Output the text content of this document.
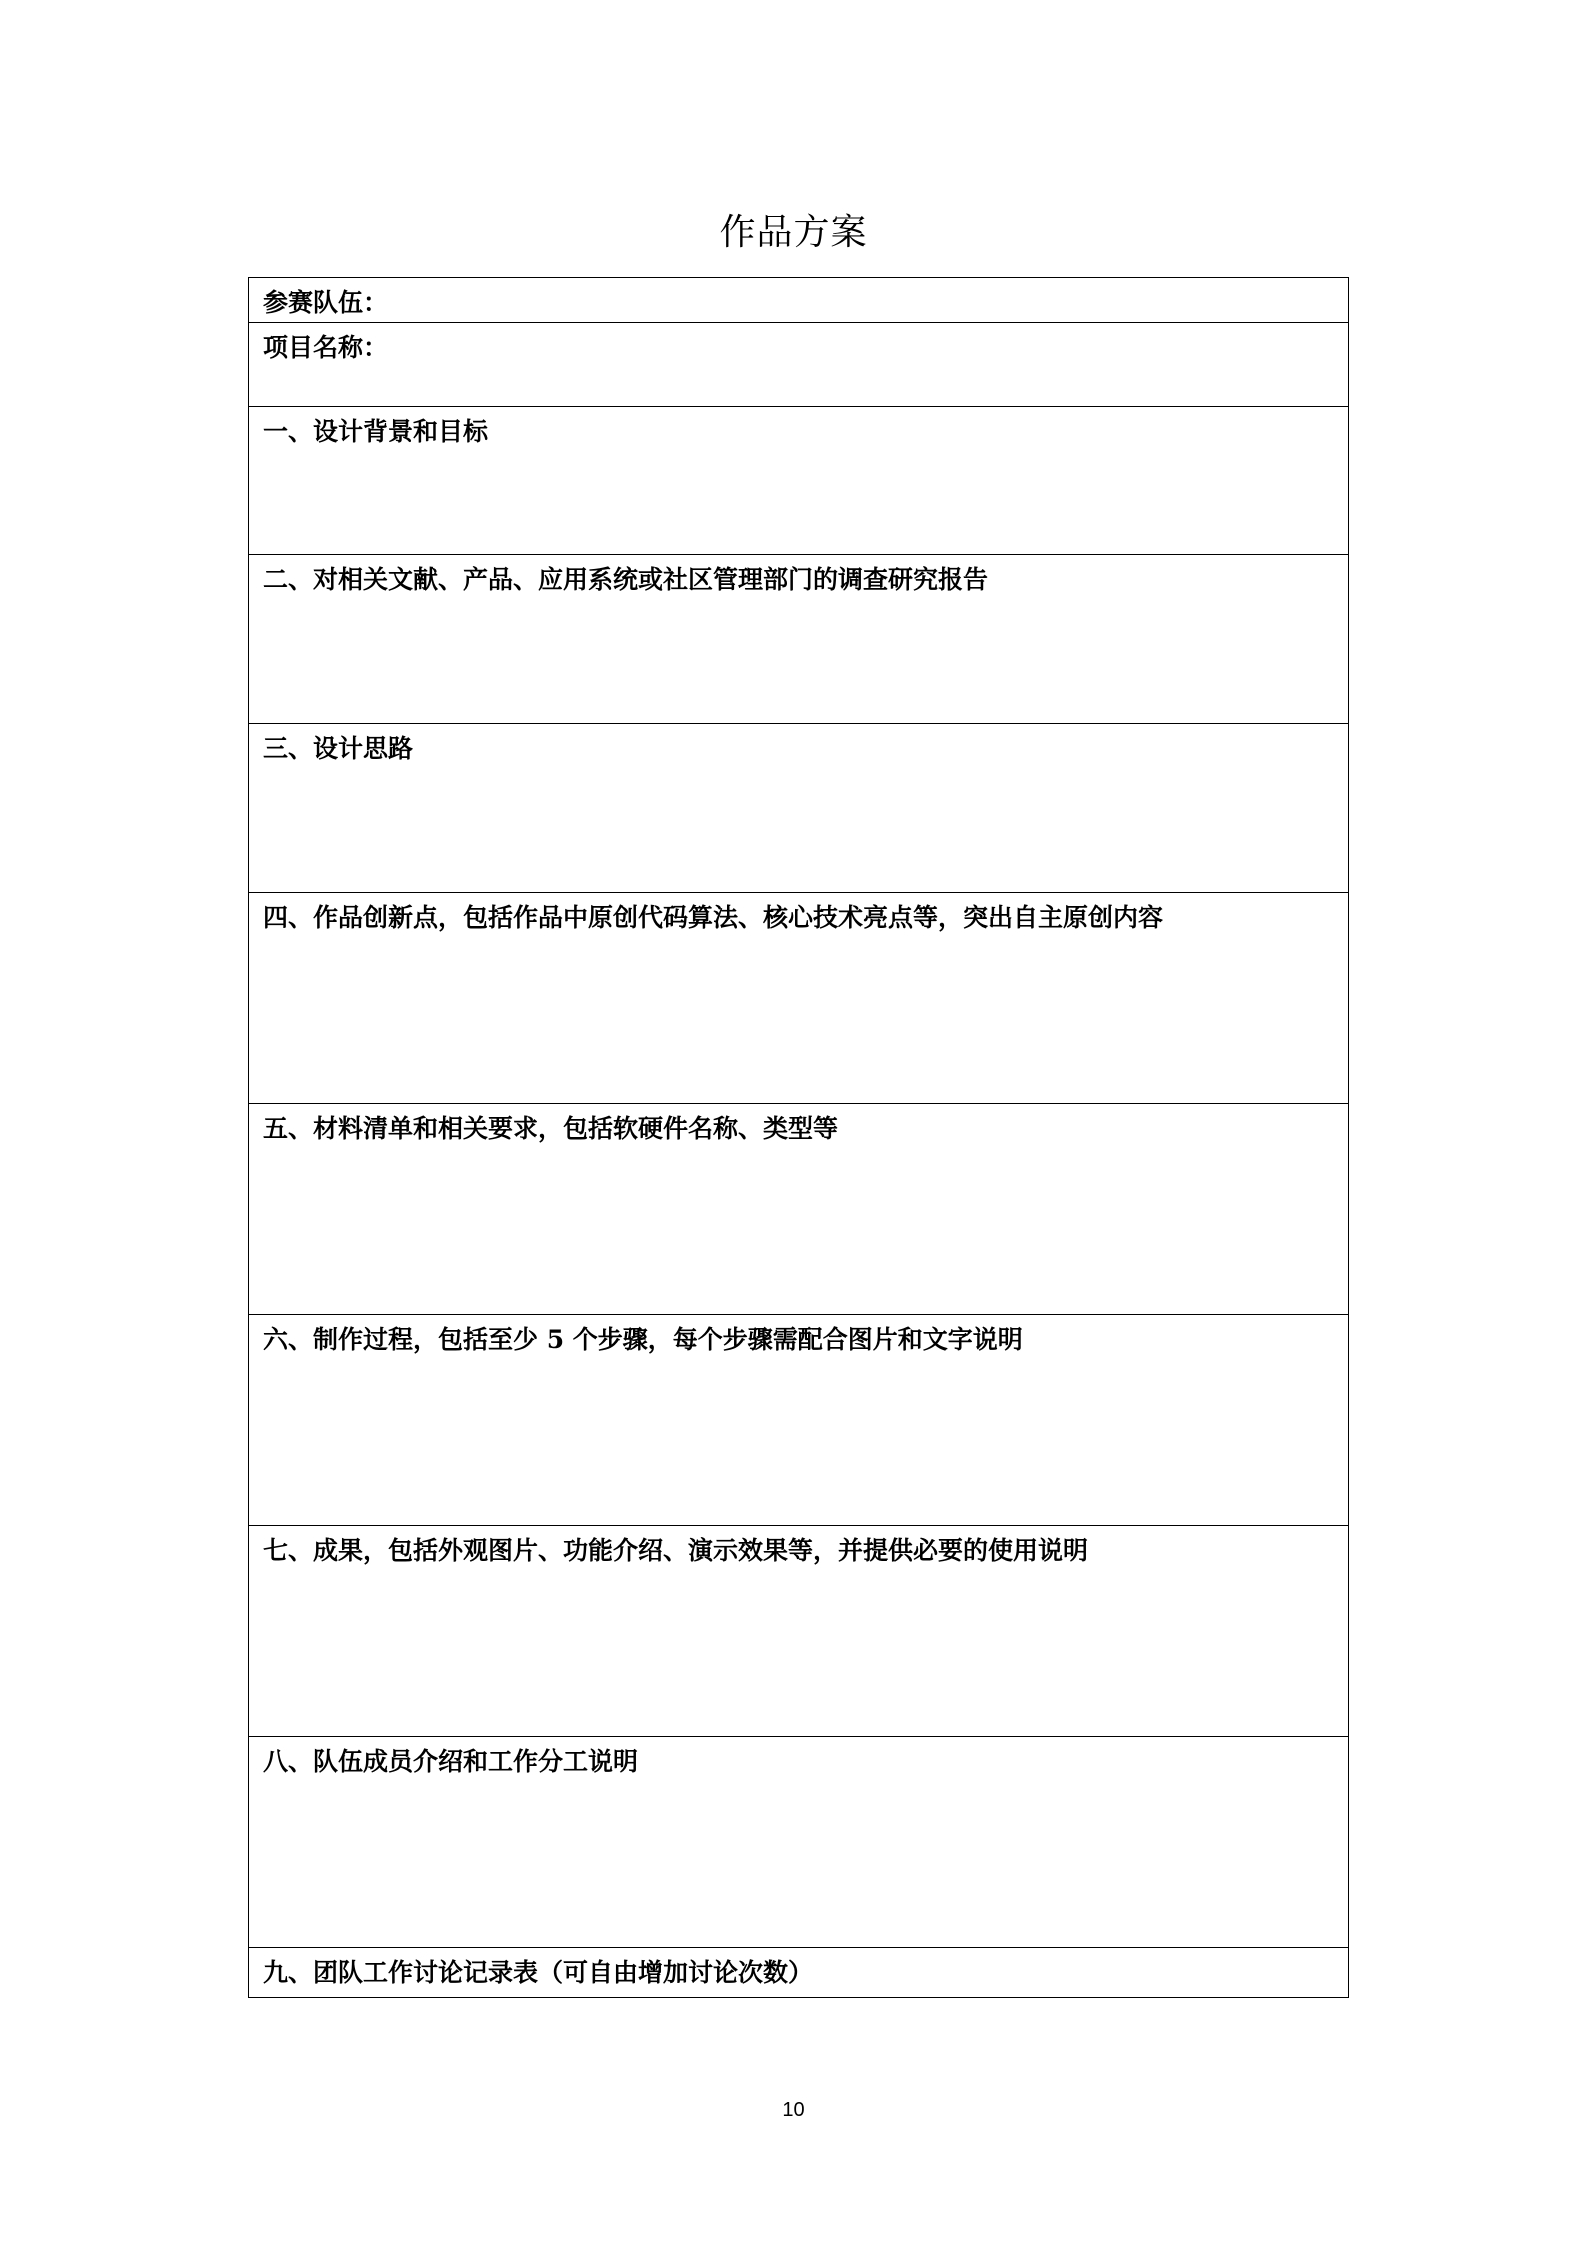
作品方案
参赛队伍：
项目名称：
一、设计背景和目标
二、对相关文献、产品、应用系统或社区管理部门的调查研究报告
三、设计思路
四、作品创新点，包括作品中原创代码算法、核心技术亮点等，突出自主原创内容
五、材料清单和相关要求，包括软硬件名称、类型等
六、制作过程，包括至少 5 个步骤，每个步骤需配合图片和文字说明
七、成果，包括外观图片、功能介绍、演示效果等，并提供必要的使用说明
八、队伍成员介绍和工作分工说明
九、团队工作讨论记录表（可自由增加讨论次数）
10
